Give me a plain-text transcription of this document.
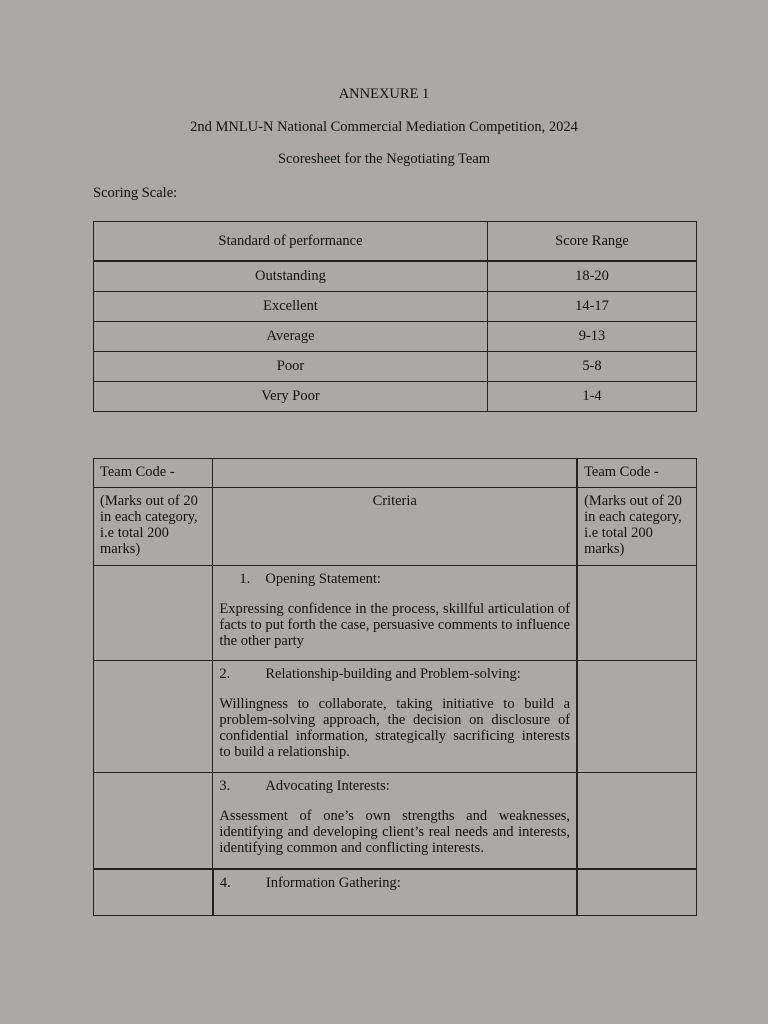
ANNEXURE 1
2nd MNLU-N National Commercial Mediation Competition, 2024
Scoresheet for the Negotiating Team
Scoring Scale:
Standard of performance	Score Range
Outstanding	18-20
Excellent	14-17
Average	9-13
Poor	5-8
Very Poor	1-4
Team Code -		Team Code -
(Marks out of 20 in each category, i.e total 200 marks)	Criteria	(Marks out of 20 in each category, i.e total 200 marks)

	1. Opening Statement:
Expressing confidence in the process, skillful articulation of facts to put forth the case, persuasive comments to influence the other party	

	2. Relationship-building and Problem-solving:
Willingness to collaborate, taking initiative to build a problem-solving approach, the decision on disclosure of confidential information, strategically sacrificing interests to build a relationship.	

	3. Advocating Interests:
Assessment of one’s own strengths and weaknesses, identifying and developing client’s real needs and interests, identifying common and conflicting interests.	

	4. Information Gathering:	
